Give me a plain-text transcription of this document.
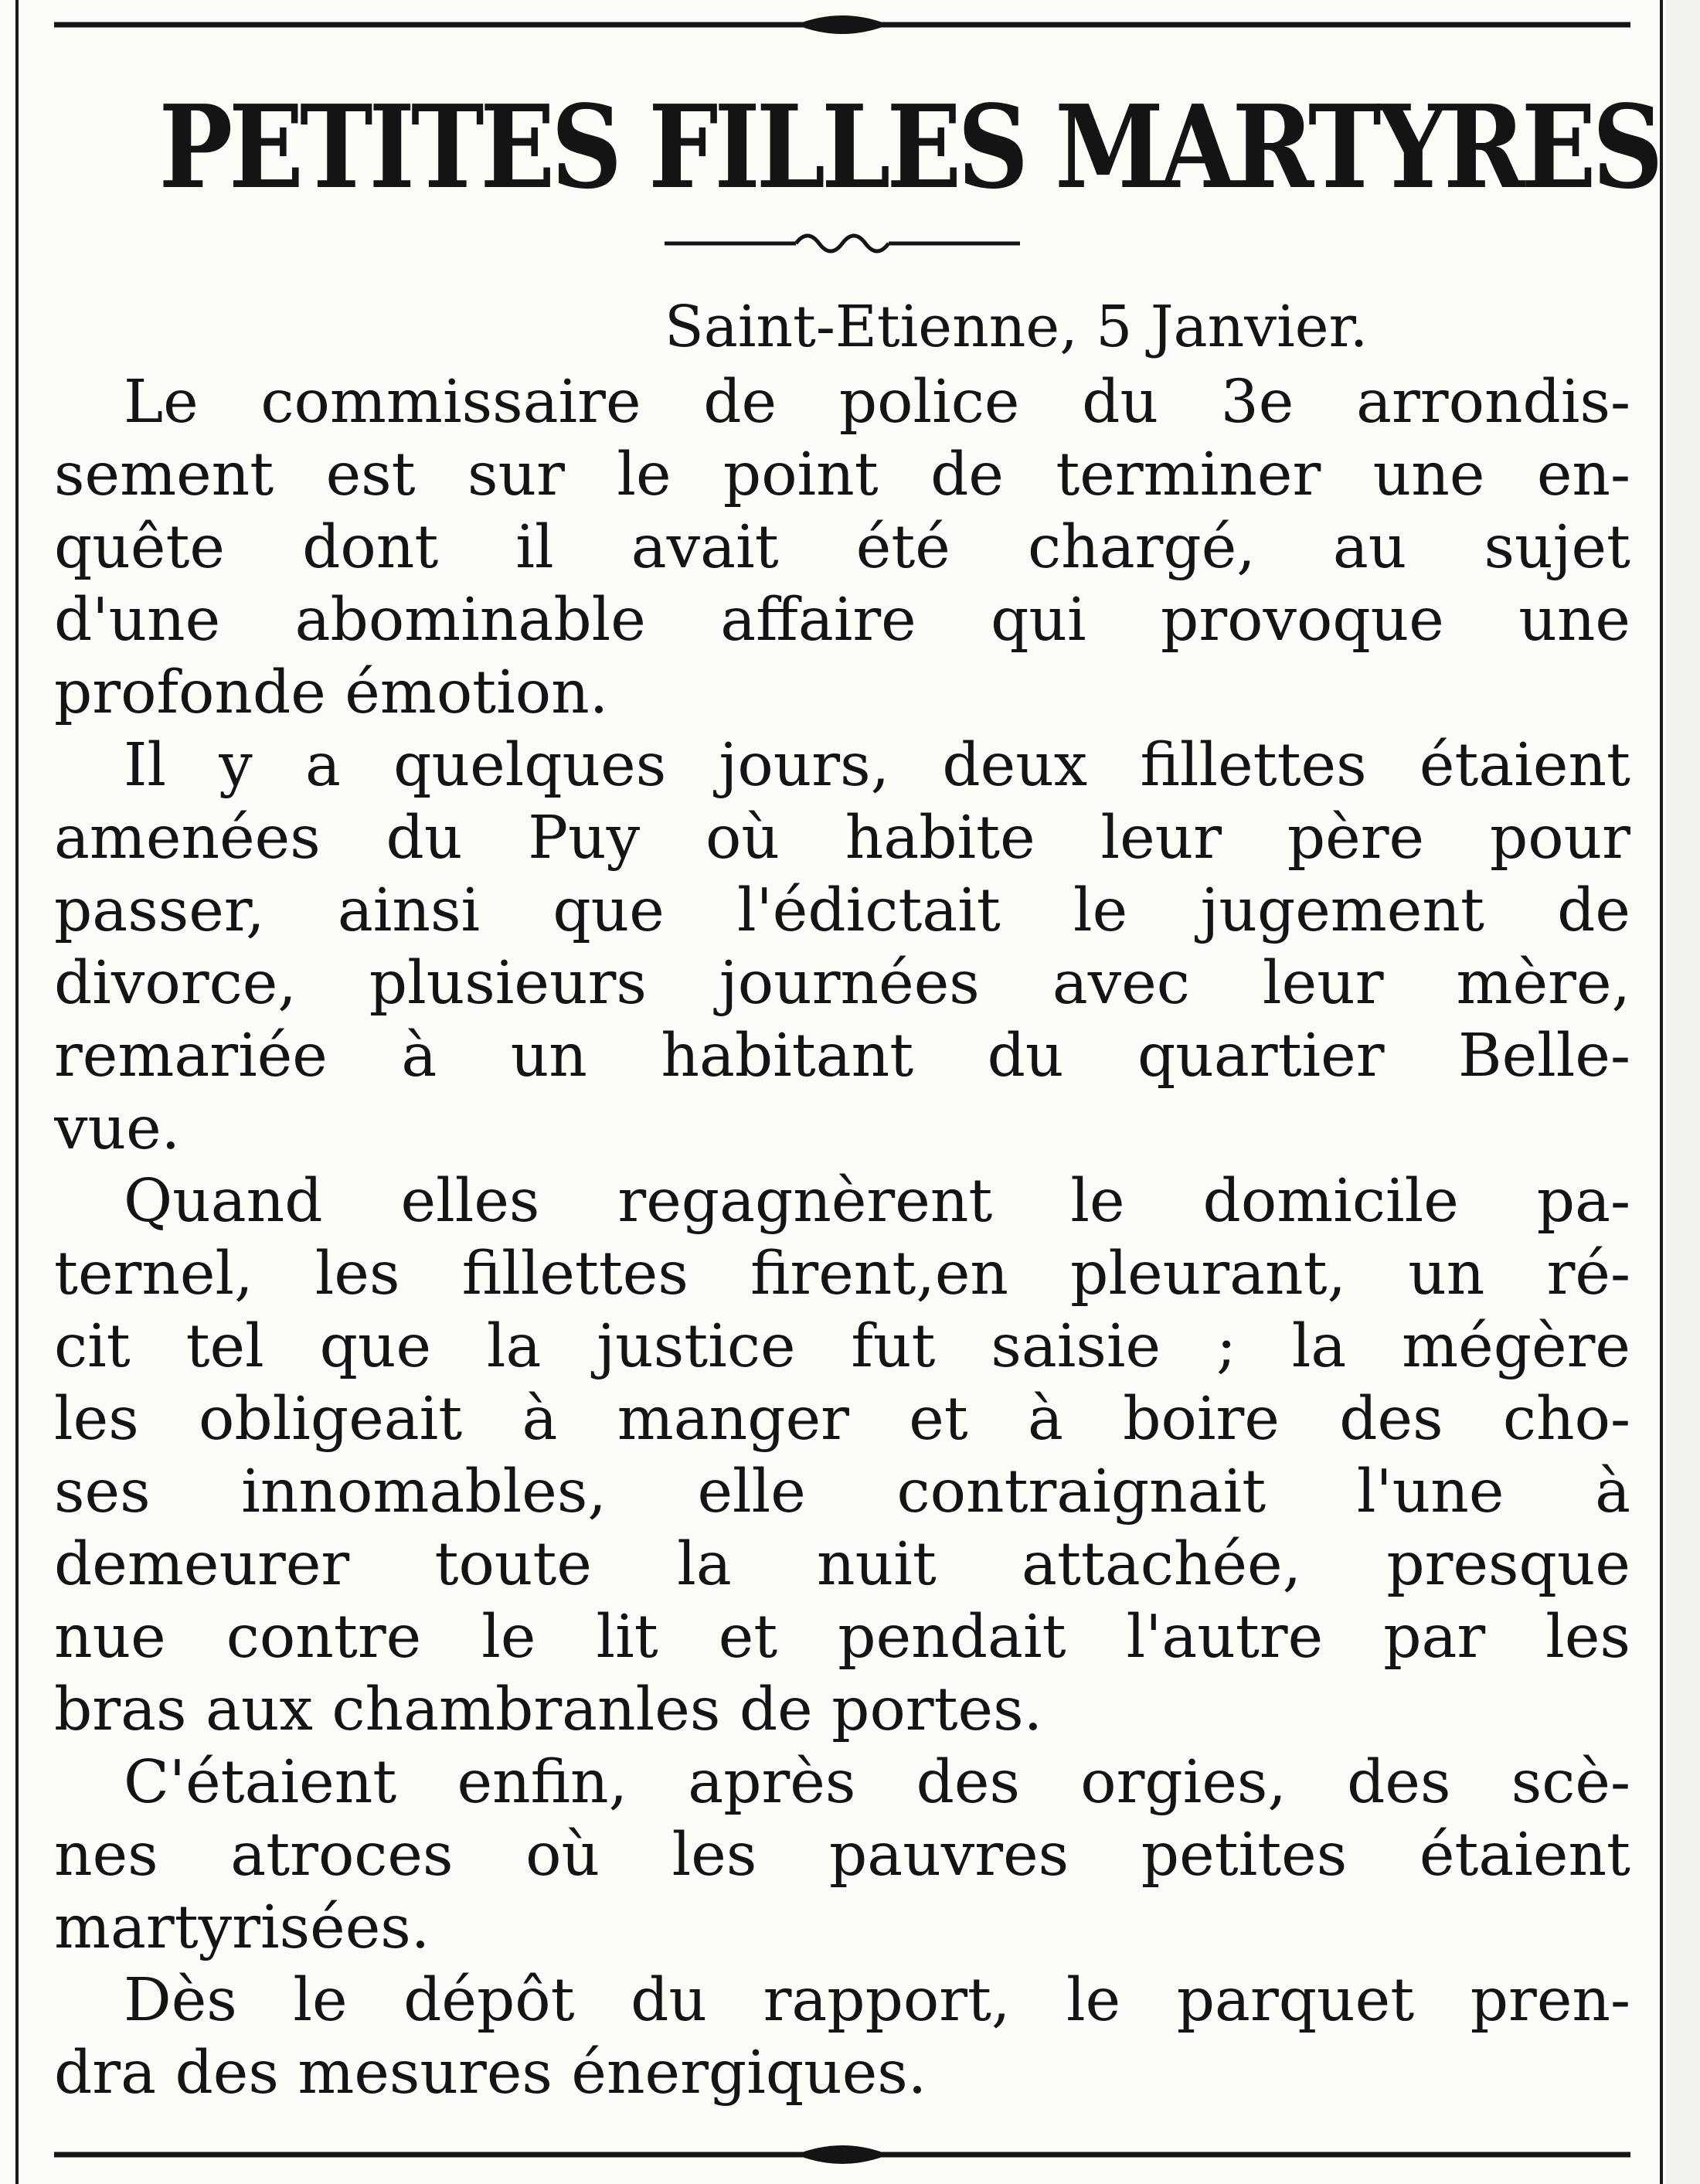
PETITES FILLES MARTYRES
Saint-Etienne, 5 Janvier.
Le commissaire de police du 3e arrondis-
sement est sur le point de terminer une en-
quête dont il avait été chargé, au sujet
d'une abominable affaire qui provoque une
profonde émotion.
Il y a quelques jours, deux fillettes étaient
amenées du Puy où habite leur père pour
passer, ainsi que l'édictait le jugement de
divorce, plusieurs journées avec leur mère,
remariée à un habitant du quartier Belle-
vue.
Quand elles regagnèrent le domicile pa-
ternel, les fillettes firent,en pleurant, un ré-
cit tel que la justice fut saisie ; la mégère
les obligeait à manger et à boire des cho-
ses innomables, elle contraignait l'une à
demeurer toute la nuit attachée, presque
nue contre le lit et pendait l'autre par les
bras aux chambranles de portes.
C'étaient enfin, après des orgies, des scè-
nes atroces où les pauvres petites étaient
martyrisées.
Dès le dépôt du rapport, le parquet pren-
dra des mesures énergiques.
